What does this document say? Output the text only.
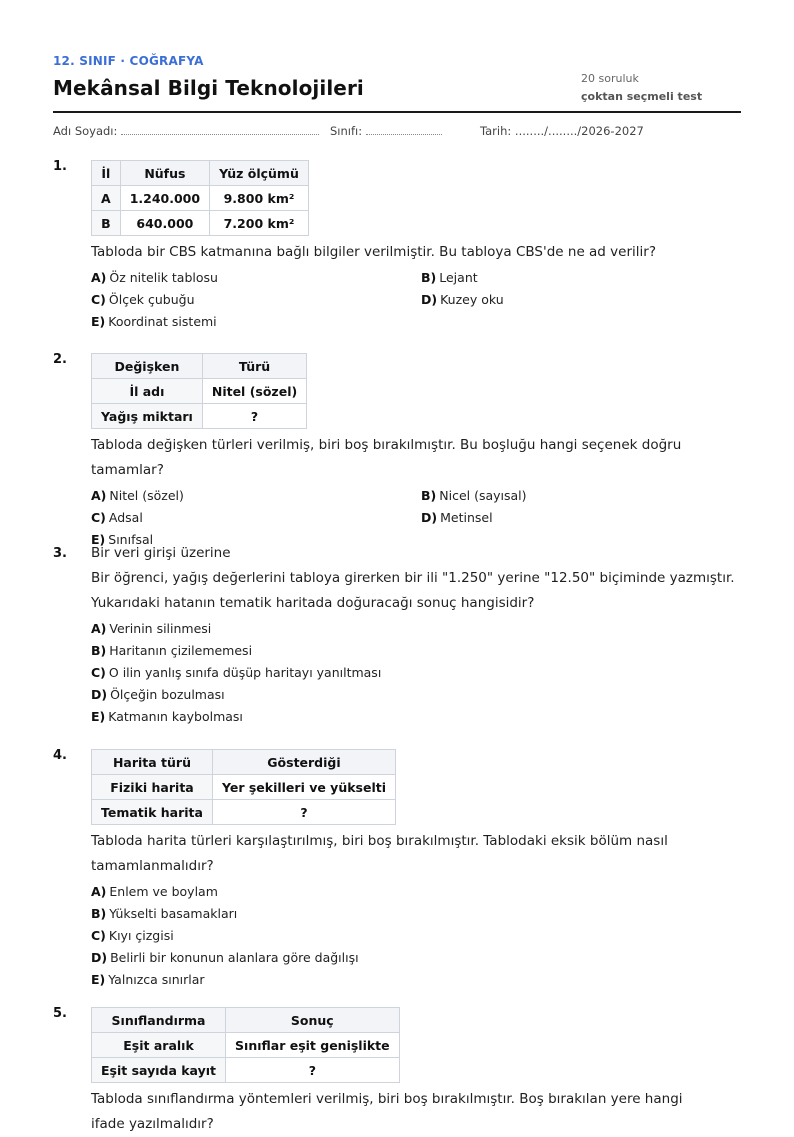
12. SINIF · COĞRAFYA
Mekânsal Bilgi Teknolojileri	20 soruluk
çoktan seçmeli test
Adı Soyadı:	Sınıfı:	Tarih: ......../......../2026-2027
1.	İl	Nüfus	Yüz ölçümü
A	1.240.000	9.800 km²
B	640.000	7.200 km²
Tabloda bir CBS katmanına bağlı bilgiler verilmiştir. Bu tabloya CBS'de ne ad verilir?
A) Öz nitelik tablosu	B) Lejant
C) Ölçek çubuğu	D) Kuzey oku
E) Koordinat sistemi
2.	Değişken	Türü
İl adı	Nitel (sözel)
Yağış miktarı	?
Tabloda değişken türleri verilmiş, biri boş bırakılmıştır. Bu boşluğu hangi seçenek doğru tamamlar?
A) Nitel (sözel)	B) Nicel (sayısal)
C) Adsal	D) Metinsel
E) Sınıfsal
3. Bir veri girişi üzerine
Bir öğrenci, yağış değerlerini tabloya girerken bir ili "1.250" yerine "12.50" biçiminde yazmıştır.
Yukarıdaki hatanın tematik haritada doğuracağı sonuç hangisidir?
A) Verinin silinmesi
B) Haritanın çizilememesi
C) O ilin yanlış sınıfa düşüp haritayı yanıltması
D) Ölçeğin bozulması
E) Katmanın kaybolması
4.	Harita türü	Gösterdiği
Fiziki harita	Yer şekilleri ve yükselti
Tematik harita	?
Tabloda harita türleri karşılaştırılmış, biri boş bırakılmıştır. Tablodaki eksik bölüm nasıl tamamlanmalıdır?
A) Enlem ve boylam
B) Yükselti basamakları
C) Kıyı çizgisi
D) Belirli bir konunun alanlara göre dağılışı
E) Yalnızca sınırlar
5.	Sınıflandırma	Sonuç
Eşit aralık	Sınıflar eşit genişlikte
Eşit sayıda kayıt	?
Tabloda sınıflandırma yöntemleri verilmiş, biri boş bırakılmıştır. Boş bırakılan yere hangi ifade yazılmalıdır?
